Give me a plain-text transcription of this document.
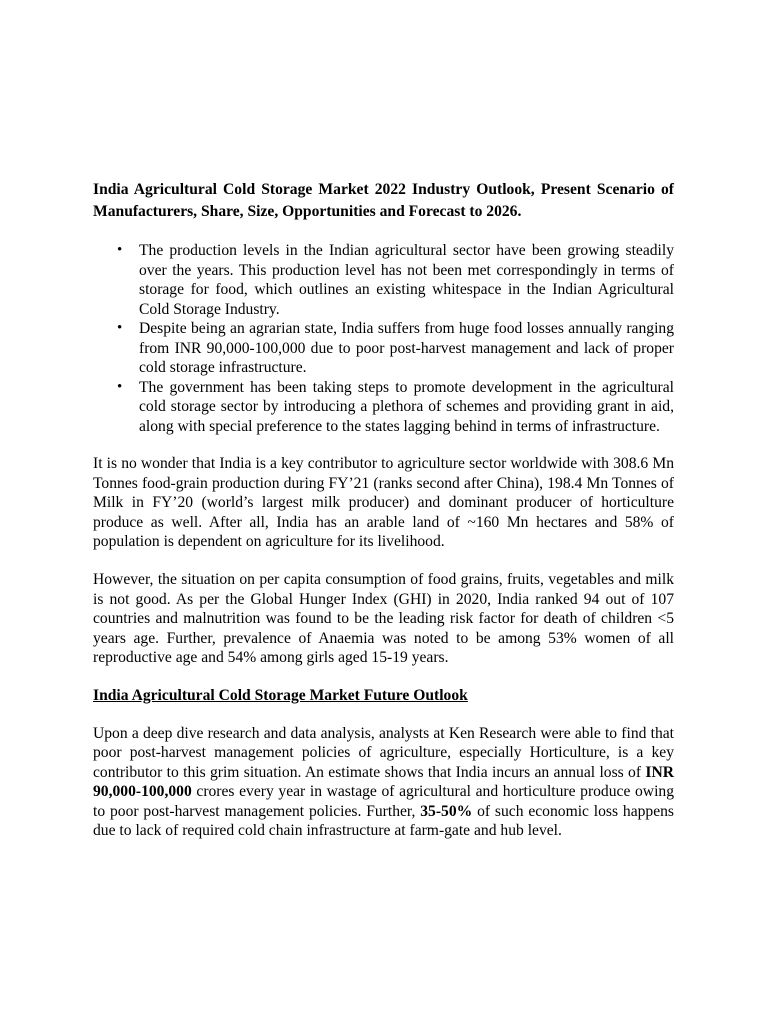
India Agricultural Cold Storage Market 2022 Industry Outlook, Present Scenario of Manufacturers, Share, Size, Opportunities and Forecast to 2026.
• The production levels in the Indian agricultural sector have been growing steadily over the years. This production level has not been met correspondingly in terms of storage for food, which outlines an existing whitespace in the Indian Agricultural Cold Storage Industry.
• Despite being an agrarian state, India suffers from huge food losses annually ranging from INR 90,000-100,000 due to poor post-harvest management and lack of proper cold storage infrastructure.
• The government has been taking steps to promote development in the agricultural cold storage sector by introducing a plethora of schemes and providing grant in aid, along with special preference to the states lagging behind in terms of infrastructure.

It is no wonder that India is a key contributor to agriculture sector worldwide with 308.6 Mn Tonnes food-grain production during FY’21 (ranks second after China), 198.4 Mn Tonnes of Milk in FY’20 (world’s largest milk producer) and dominant producer of horticulture produce as well. After all, India has an arable land of ~160 Mn hectares and 58% of population is dependent on agriculture for its livelihood.

However, the situation on per capita consumption of food grains, fruits, vegetables and milk is not good. As per the Global Hunger Index (GHI) in 2020, India ranked 94 out of 107 countries and malnutrition was found to be the leading risk factor for death of children <5 years age. Further, prevalence of Anaemia was noted to be among 53% women of all reproductive age and 54% among girls aged 15-19 years.

India Agricultural Cold Storage Market Future Outlook

Upon a deep dive research and data analysis, analysts at Ken Research were able to find that poor post-harvest management policies of agriculture, especially Horticulture, is a key contributor to this grim situation. An estimate shows that India incurs an annual loss of INR 90,000-100,000 crores every year in wastage of agricultural and horticulture produce owing to poor post-harvest management policies. Further, 35-50% of such economic loss happens due to lack of required cold chain infrastructure at farm-gate and hub level.
